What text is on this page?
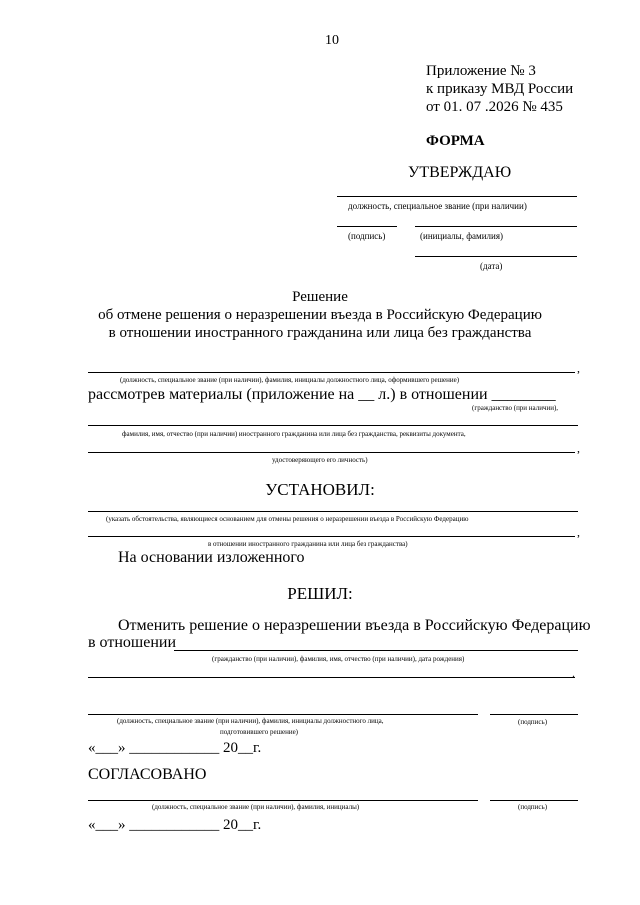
10
Приложение № 3
к приказу МВД России
от 01. 07 .2026 № 435
ФОРМА
УТВЕРЖДАЮ
должность, специальное звание (при наличии)
(подпись)	(инициалы, фамилия)
(дата)
Решение
об отмене решения о неразрешении въезда в Российскую Федерацию
в отношении иностранного гражданина или лица без гражданства
,
(должность, специальное звание (при наличии), фамилия, инициалы должностного лица, оформившего решение)
рассмотрев материалы (приложение на __ л.) в отношении ________
(гражданство (при наличии),
фамилия, имя, отчество (при наличии) иностранного гражданина или лица без гражданства, реквизиты документа,
,
удостоверяющего его личность)
УСТАНОВИЛ:
(указать обстоятельства, являющиеся основанием для отмены решения о неразрешении въезда в Российскую Федерацию
,
в отношении иностранного гражданина или лица без гражданства)
На основании изложенного
РЕШИЛ:
Отменить решение о неразрешении въезда в Российскую Федерацию
в отношении
(гражданство (при наличии), фамилия, имя, отчество (при наличии), дата рождения)
.
(должность, специальное звание (при наличии), фамилия, инициалы должностного лица,
подготовившего решение)
(подпись)
«___» ____________ 20__г.
СОГЛАСОВАНО
(должность, специальное звание (при наличии), фамилия, инициалы)	(подпись)
«___» ____________ 20__г.
